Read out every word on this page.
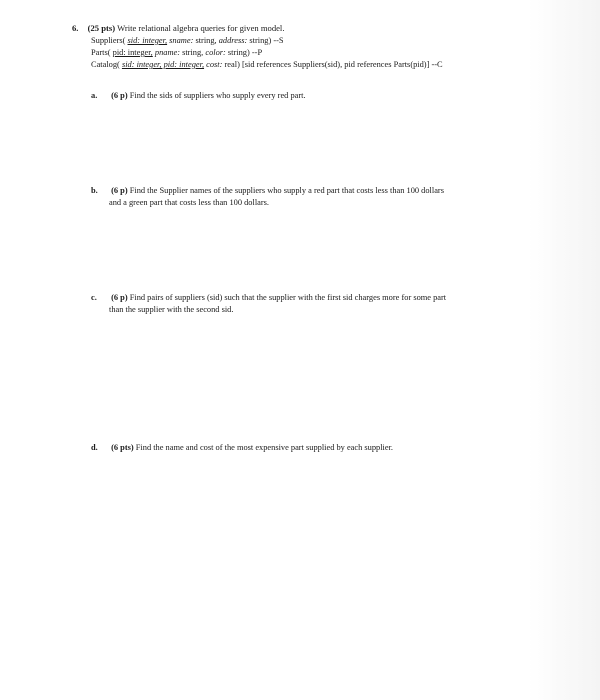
6. (25 pts) Write relational algebra queries for given model.
Suppliers( sid: integer, sname: string, address: string) --S
Parts( pid: integer, pname: string, color: string) --P
Catalog( sid: integer, pid: integer, cost: real) [sid references Suppliers(sid), pid references Parts(pid)] --C
a. (6 p) Find the sids of suppliers who supply every red part.
b. (6 p) Find the Supplier names of the suppliers who supply a red part that costs less than 100 dollars
and a green part that costs less than 100 dollars.
c. (6 p) Find pairs of suppliers (sid) such that the supplier with the first sid charges more for some part
than the supplier with the second sid.
d. (6 pts) Find the name and cost of the most expensive part supplied by each supplier.
